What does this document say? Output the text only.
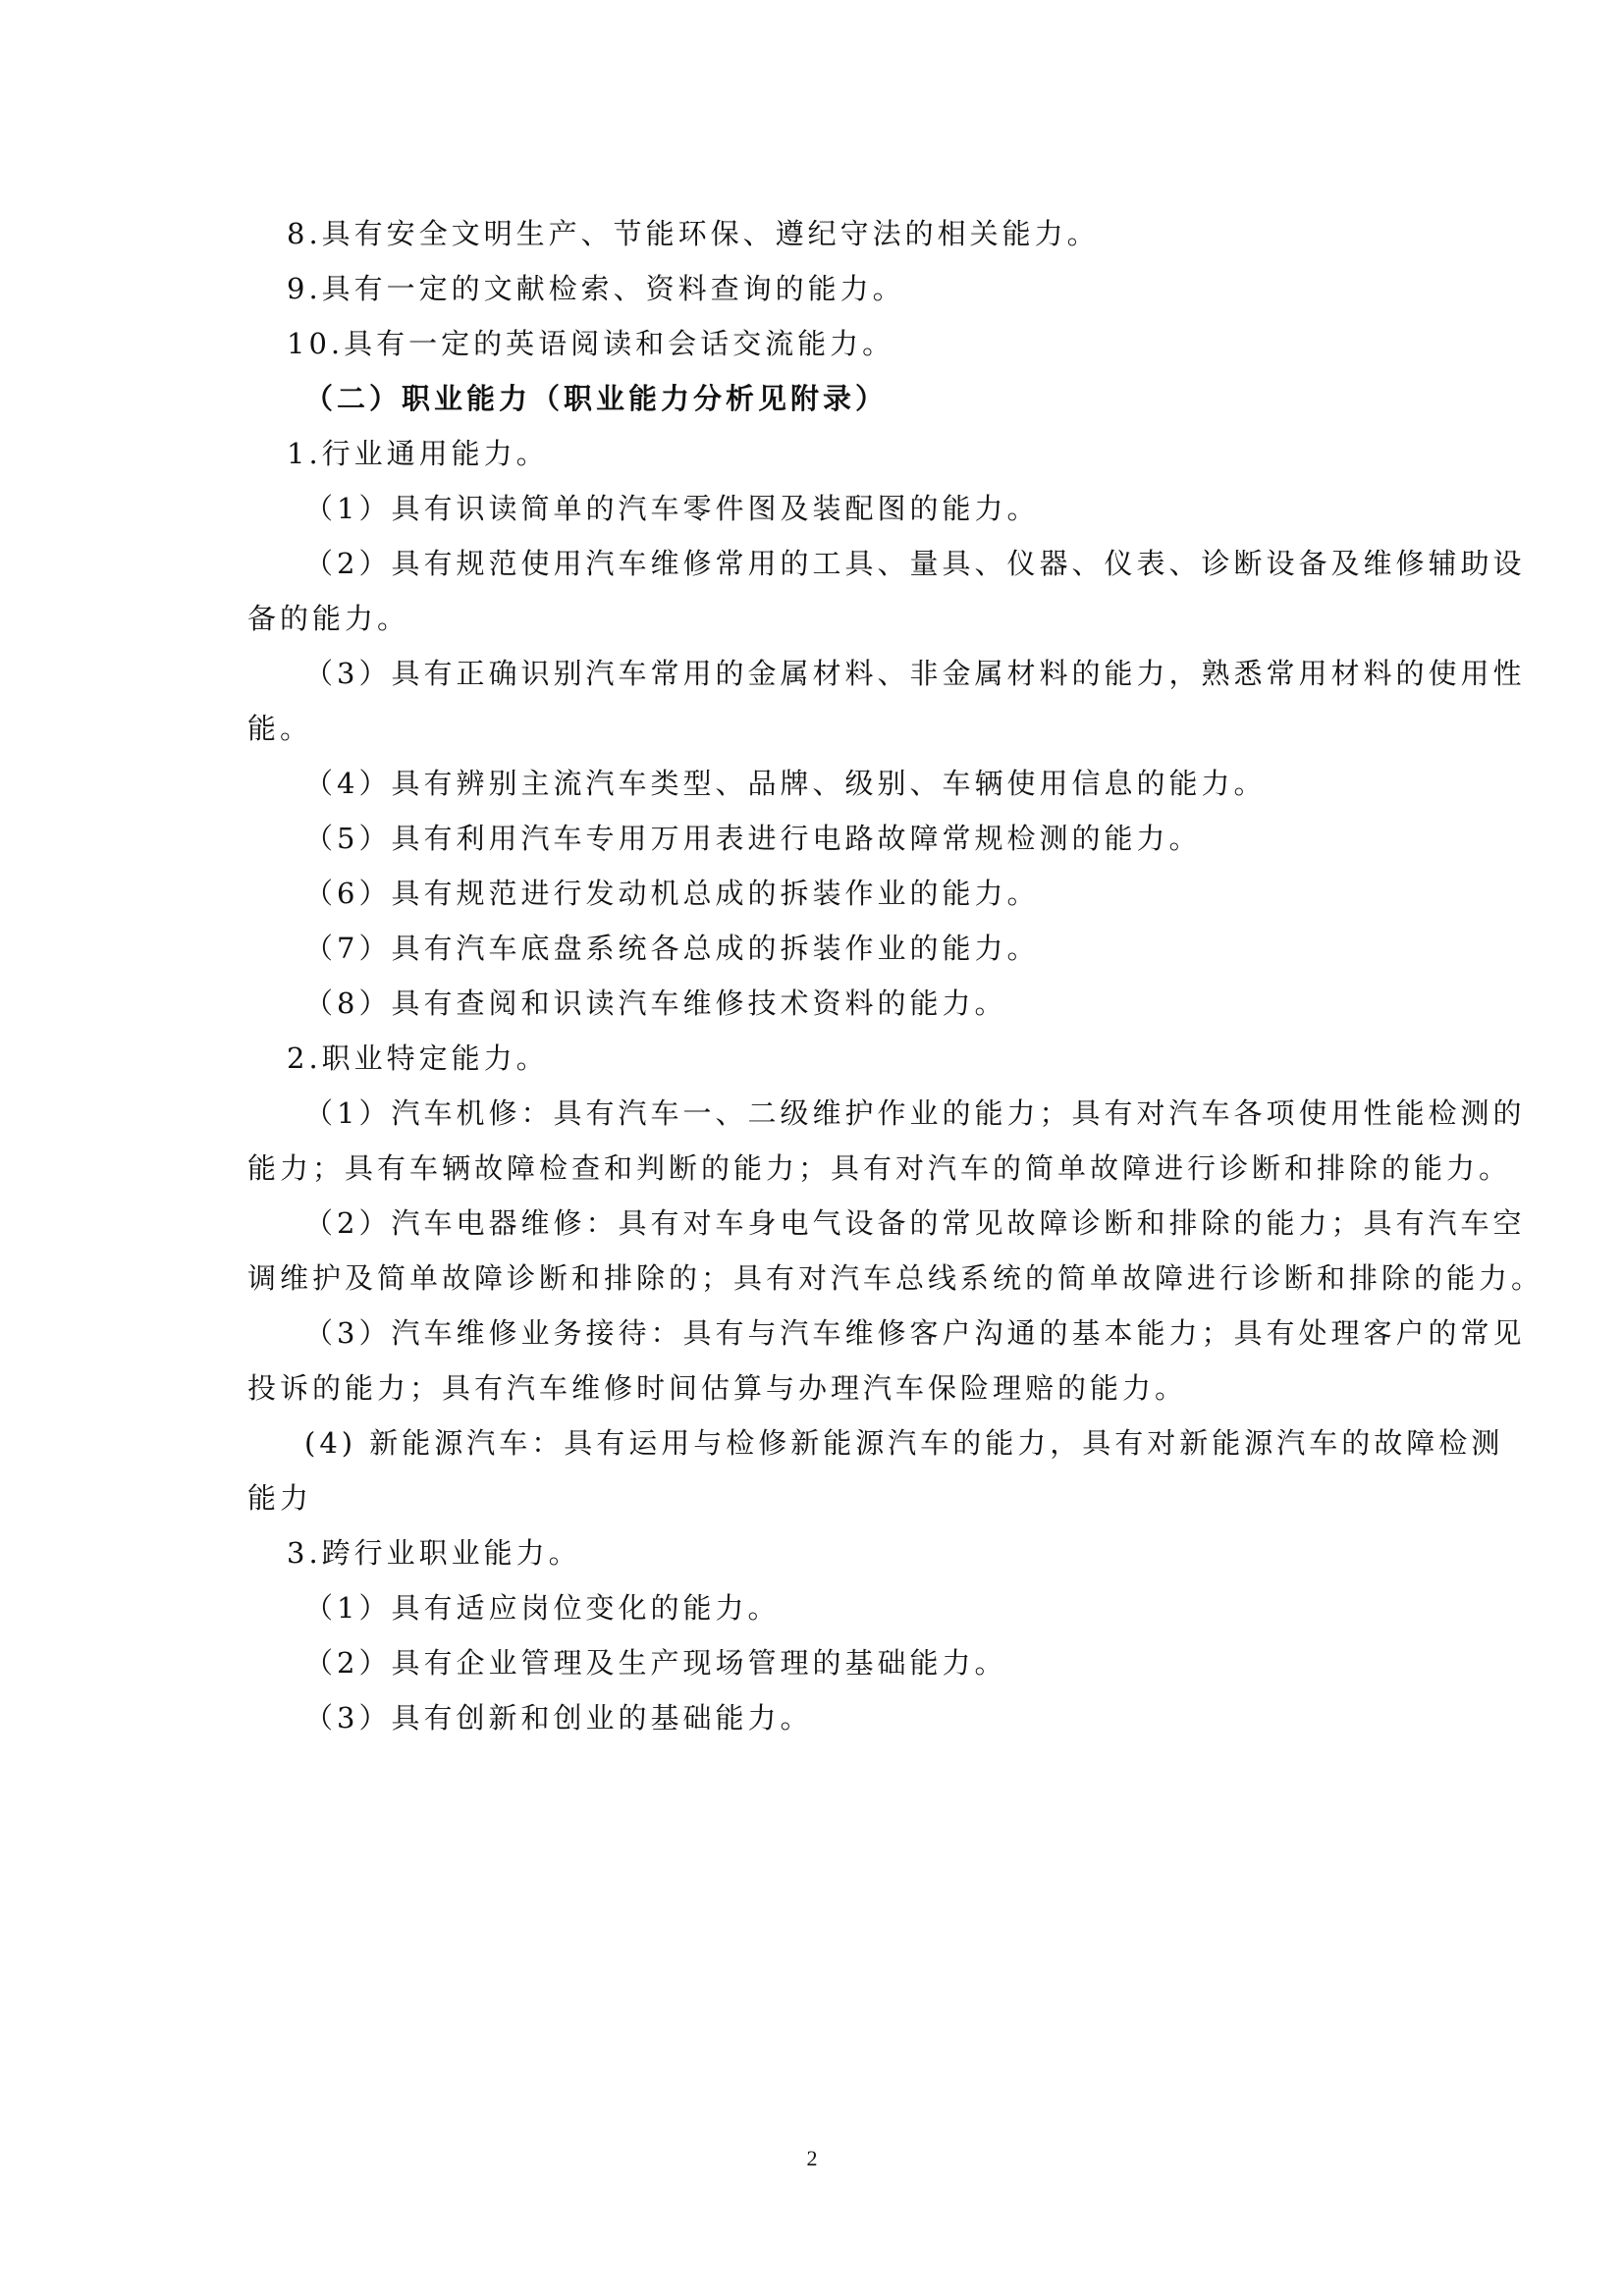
8.具有安全文明生产、节能环保、遵纪守法的相关能力。
9.具有一定的文献检索、资料查询的能力。
10.具有一定的英语阅读和会话交流能力。
（二）职业能力（职业能力分析见附录）
1.行业通用能力。
（1）具有识读简单的汽车零件图及装配图的能力。
（2）具有规范使用汽车维修常用的工具、量具、仪器、仪表、诊断设备及维修辅助设
备的能力。
（3）具有正确识别汽车常用的金属材料、非金属材料的能力，熟悉常用材料的使用性
能。
（4）具有辨别主流汽车类型、品牌、级别、车辆使用信息的能力。
（5）具有利用汽车专用万用表进行电路故障常规检测的能力。
（6）具有规范进行发动机总成的拆装作业的能力。
（7）具有汽车底盘系统各总成的拆装作业的能力。
（8）具有查阅和识读汽车维修技术资料的能力。
2.职业特定能力。
（1）汽车机修：具有汽车一、二级维护作业的能力；具有对汽车各项使用性能检测的
能力；具有车辆故障检查和判断的能力；具有对汽车的简单故障进行诊断和排除的能力。
（2）汽车电器维修：具有对车身电气设备的常见故障诊断和排除的能力；具有汽车空
调维护及简单故障诊断和排除的；具有对汽车总线系统的简单故障进行诊断和排除的能力。
（3）汽车维修业务接待：具有与汽车维修客户沟通的基本能力；具有处理客户的常见
投诉的能力；具有汽车维修时间估算与办理汽车保险理赔的能力。
(4) 新能源汽车：具有运用与检修新能源汽车的能力，具有对新能源汽车的故障检测
能力
3.跨行业职业能力。
（1）具有适应岗位变化的能力。
（2）具有企业管理及生产现场管理的基础能力。
（3）具有创新和创业的基础能力。
2
